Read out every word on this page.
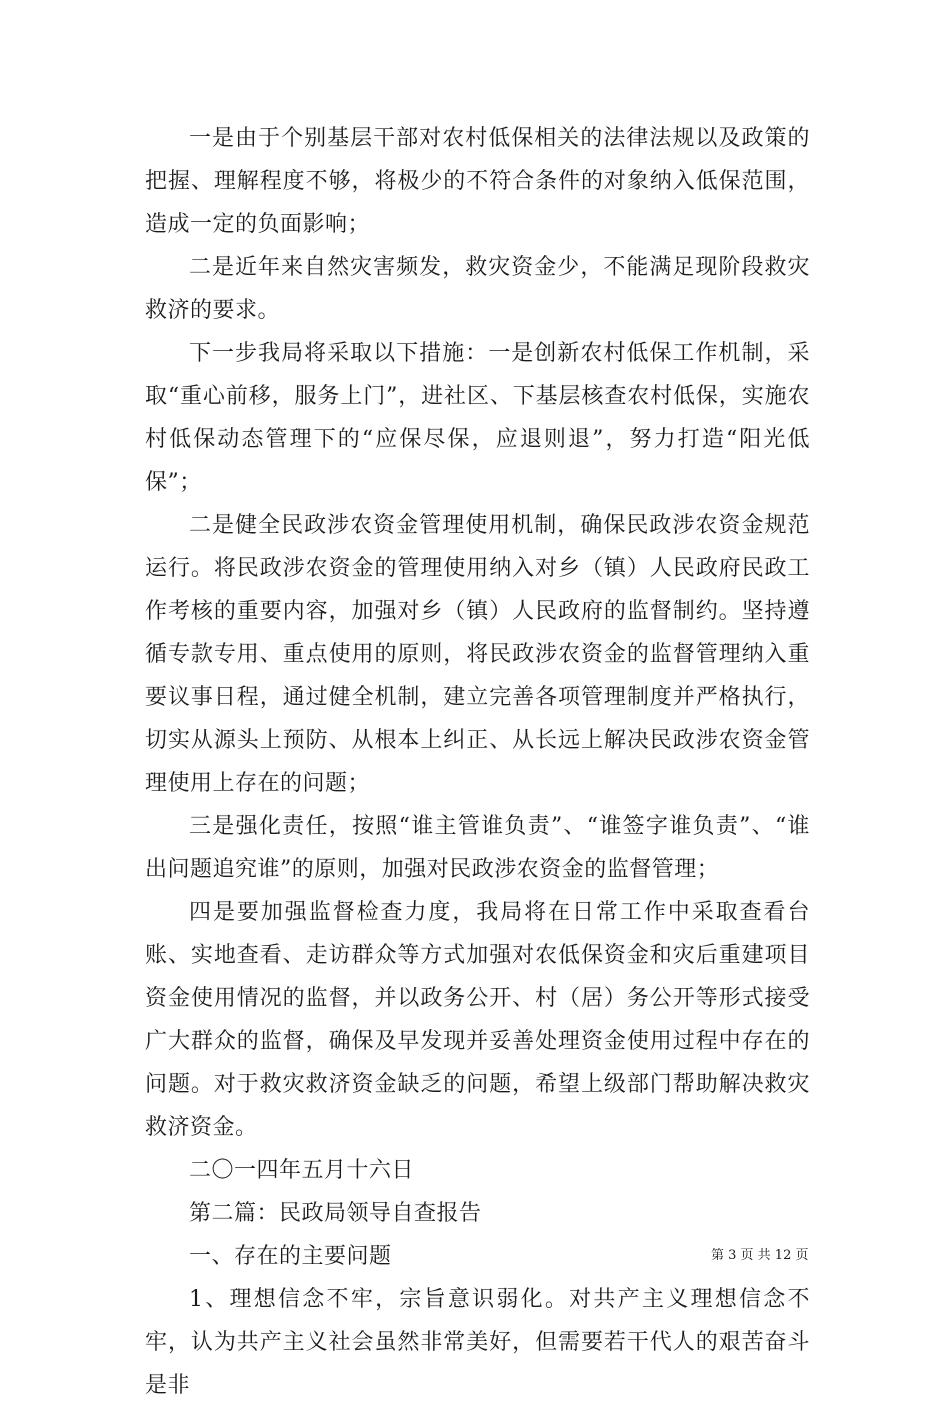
一是由于个别基层干部对农村低保相关的法律法规以及政策的把握、理解程度不够，将极少的不符合条件的对象纳入低保范围，造成一定的负面影响；

二是近年来自然灾害频发，救灾资金少，不能满足现阶段救灾救济的要求。

下一步我局将采取以下措施：一是创新农村低保工作机制，采取“重心前移，服务上门”，进社区、下基层核查农村低保，实施农村低保动态管理下的“应保尽保，应退则退”，努力打造“阳光低保”；

二是健全民政涉农资金管理使用机制，确保民政涉农资金规范运行。将民政涉农资金的管理使用纳入对乡（镇）人民政府民政工作考核的重要内容，加强对乡（镇）人民政府的监督制约。坚持遵循专款专用、重点使用的原则，将民政涉农资金的监督管理纳入重要议事日程，通过健全机制，建立完善各项管理制度并严格执行，切实从源头上预防、从根本上纠正、从长远上解决民政涉农资金管理使用上存在的问题；

三是强化责任，按照“谁主管谁负责”、“谁签字谁负责”、“谁出问题追究谁”的原则，加强对民政涉农资金的监督管理；

四是要加强监督检查力度，我局将在日常工作中采取查看台账、实地查看、走访群众等方式加强对农低保资金和灾后重建项目资金使用情况的监督，并以政务公开、村（居）务公开等形式接受广大群众的监督，确保及早发现并妥善处理资金使用过程中存在的问题。对于救灾救济资金缺乏的问题，希望上级部门帮助解决救灾救济资金。

二〇一四年五月十六日

第二篇：民政局领导自查报告

一、存在的主要问题

1、理想信念不牢，宗旨意识弱化。对共产主义理想信念不牢，认为共产主义社会虽然非常美好，但需要若干代人的艰苦奋斗是非

第 3 页 共 12 页
